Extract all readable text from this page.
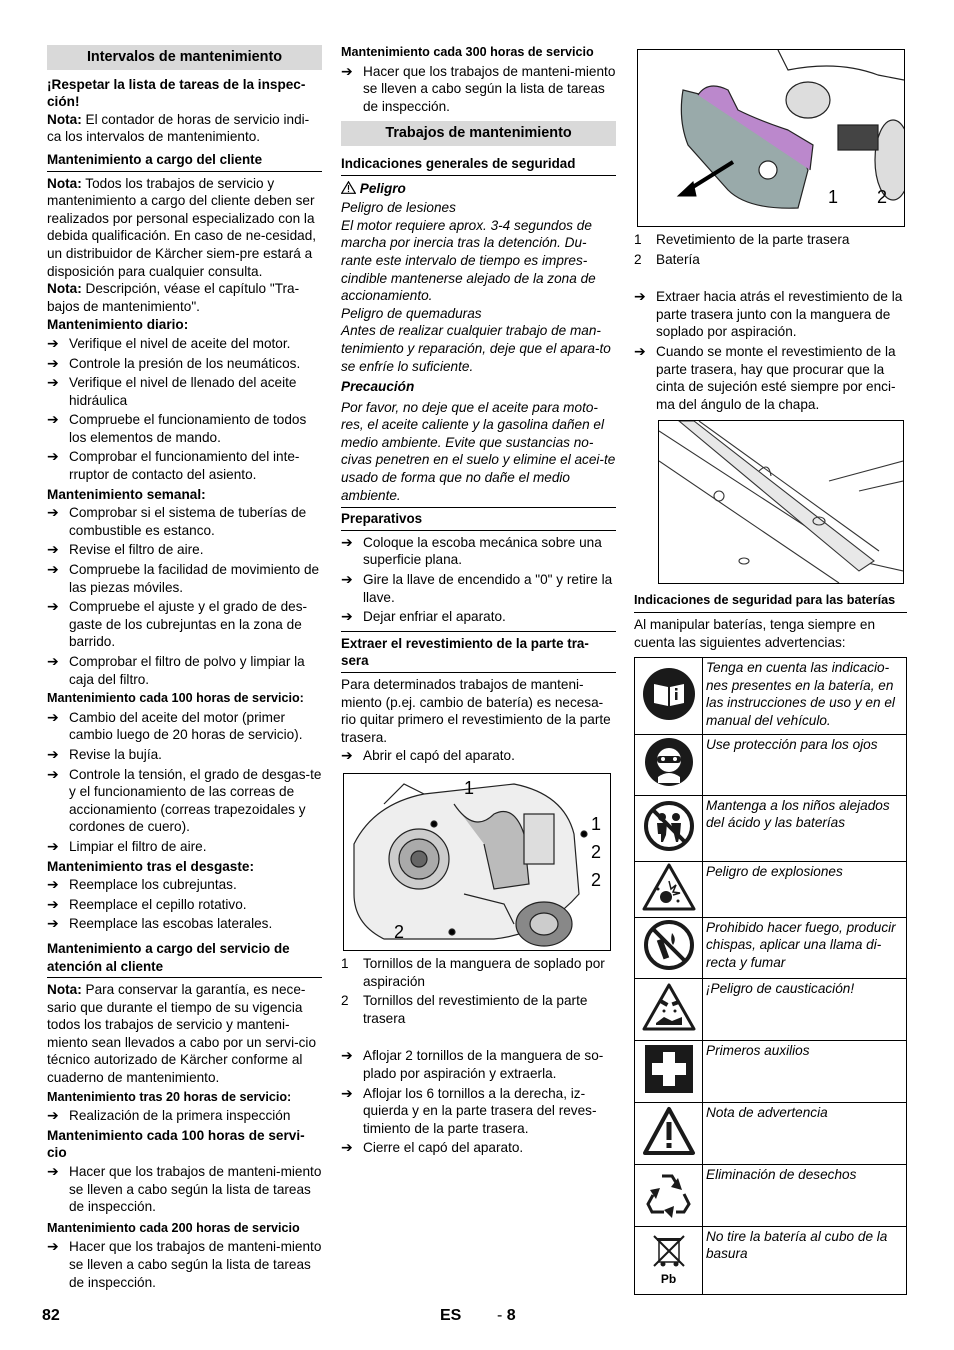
Intervalos de mantenimiento

¡Respetar la lista de tareas de la inspec-ción!

Nota: El contador de horas de servicio indi-ca los intervalos de mantenimiento.

Mantenimiento a cargo del cliente

Nota: Todos los trabajos de servicio y mantenimiento a cargo del cliente deben ser realizados por personal especializado con la debida qualificación. En caso de ne-cesidad, un distribuidor de Kärcher siem-pre estará a disposición para cualquier consulta.

Nota: Descripción, véase el capítulo "Tra-bajos de mantenimiento".

Mantenimiento diario:
➔ Verifique el nivel de aceite del motor.
➔ Controle la presión de los neumáticos.
➔ Verifique el nivel de llenado del aceite hidráulica
➔ Compruebe el funcionamiento de todos los elementos de mando.
➔ Comprobar el funcionamiento del inte-rruptor de contacto del asiento.
Mantenimiento semanal:
➔ Comprobar si el sistema de tuberías de combustible es estanco.
➔ Revise el filtro de aire.
➔ Compruebe la facilidad de movimiento de las piezas móviles.
➔ Compruebe el ajuste y el grado de des-gaste de los cubrejuntas en la zona de barrido.
➔ Comprobar el filtro de polvo y limpiar la caja del filtro.
Mantenimiento cada 100 horas de servicio:
➔ Cambio del aceite del motor (primer cambio luego de 20 horas de servicio).
➔ Revise la bujía.
➔ Controle la tensión, el grado de desgas-te y el funcionamiento de las correas de accionamiento (correas trapezoidales y cordones de cuero).
➔ Limpiar el filtro de aire.
Mantenimiento tras el desgaste:
➔ Reemplace los cubrejuntas.
➔ Reemplace el cepillo rotativo.
➔ Reemplace las escobas laterales.
Mantenimiento a cargo del servicio de atención al cliente

Nota: Para conservar la garantía, es nece-sario que durante el tiempo de su vigencia todos los trabajos de servicio y manteni-miento sean llevados a cabo por un servi-cio técnico autorizado de Kärcher conforme al cuaderno de mantenimiento.

Mantenimiento tras 20 horas de servicio:
➔ Realización de la primera inspección
Mantenimiento cada 100 horas de servi-cio
➔ Hacer que los trabajos de manteni-miento se lleven a cabo según la lista de tareas de inspección.
Mantenimiento cada 200 horas de servicio
➔ Hacer que los trabajos de manteni-miento se lleven a cabo según la lista de tareas de inspección.
Mantenimiento cada 300 horas de servicio
➔ Hacer que los trabajos de manteni-miento se lleven a cabo según la lista de tareas de inspección.
Trabajos de mantenimiento
Indicaciones generales de seguridad
Peligro

Peligro de lesiones
El motor requiere aprox. 3-4 segundos de marcha por inercia tras la detención. Du-rante este intervalo de tiempo es impres-cindible mantenerse alejado de la zona de accionamiento.
Peligro de quemaduras
Antes de realizar cualquier trabajo de man-tenimiento y reparación, deje que el apara-to se enfríe lo suficiente.

Precaución

Por favor, no deje que el aceite para moto-res, el aceite caliente y la gasolina dañen el medio ambiente. Evite que sustancias no-civas penetren en el suelo y elimine el acei-te usado de forma que no dañe el medio ambiente.

Preparativos
➔ Coloque la escoba mecánica sobre una superficie plana.
➔ Gire la llave de encendido a "0" y retire la llave.
➔ Dejar enfriar el aparato.
Extraer el revestimiento de la parte tra-sera

Para determinados trabajos de manteni-miento (p.ej. cambio de batería) es necesa-rio quitar primero el revestimiento de la parte trasera.

➔ Abrir el capó del aparato.
1
1
2
2
2
1	Tornillos de la manguera de soplado por aspiración
2	Tornillos del revestimiento de la parte trasera
➔ Aflojar 2 tornillos de la manguera de so-plado por aspiración y extraerla.
➔ Aflojar los 6 tornillos a la derecha, iz-quierda y en la parte trasera del reves-timiento de la parte trasera.
➔ Cierre el capó del aparato.
1 2
1	Revetimiento de la parte trasera
2	Batería
➔ Extraer hacia atrás el revestimiento de la parte trasera junto con la manguera de soplado por aspiración.
➔ Cuando se monte el revestimiento de la parte trasera, hay que procurar que la cinta de sujeción esté siempre por enci-ma del ángulo de la chapa.
Indicaciones de seguridad para las baterías

Al manipular baterías, tenga siempre en cuenta las siguientes advertencias:

	Tenga en cuenta las indicacio-nes presentes en la batería, en las instrucciones de uso y en el manual del vehículo.

	Use protección para los ojos

	Mantenga a los niños alejados del ácido y las baterías

	Peligro de explosiones

	Prohibido hacer fuego, producir chispas, aplicar una llama di-recta y fumar

	¡Peligro de causticación!

	Primeros auxilios

	Nota de advertencia

	Eliminación de desechos

Pb	No tire la batería al cubo de la basura
82	ES - 8
